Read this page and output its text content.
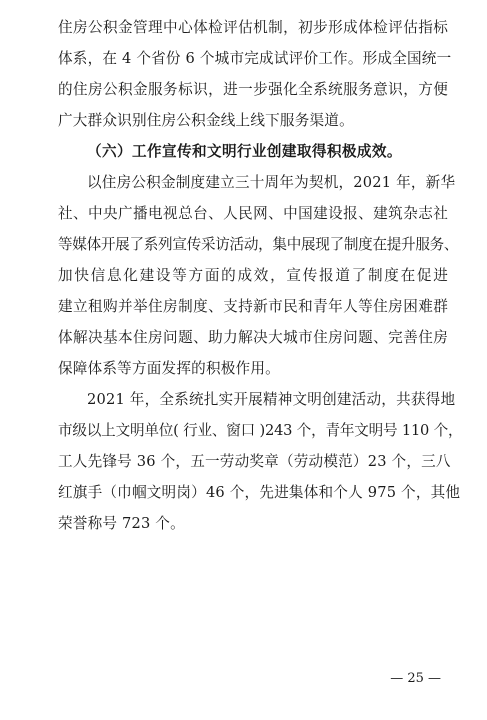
住房公积金管理中心体检评估机制，初步形成体检评估指标
体系，在 4 个省份 6 个城市完成试评价工作。形成全国统一
的住房公积金服务标识，进一步强化全系统服务意识，方便
广大群众识别住房公积金线上线下服务渠道。
（六）工作宣传和文明行业创建取得积极成效。
以住房公积金制度建立三十周年为契机，2021 年，新华
社、中央广播电视总台、人民网、中国建设报、建筑杂志社
等媒体开展了系列宣传采访活动，集中展现了制度在提升服务、
加快信息化建设等方面的成效，宣传报道了制度在促进
建立租购并举住房制度、支持新市民和青年人等住房困难群
体解决基本住房问题、助力解决大城市住房问题、完善住房
保障体系等方面发挥的积极作用。
2021 年，全系统扎实开展精神文明创建活动，共获得地
市级以上文明单位( 行业、窗口 )243 个，青年文明号 110 个，
工人先锋号 36 个，五一劳动奖章（劳动模范）23 个，三八
红旗手（巾帼文明岗）46 个，先进集体和个人 975 个，其他
荣誉称号 723 个。
— 25 —
